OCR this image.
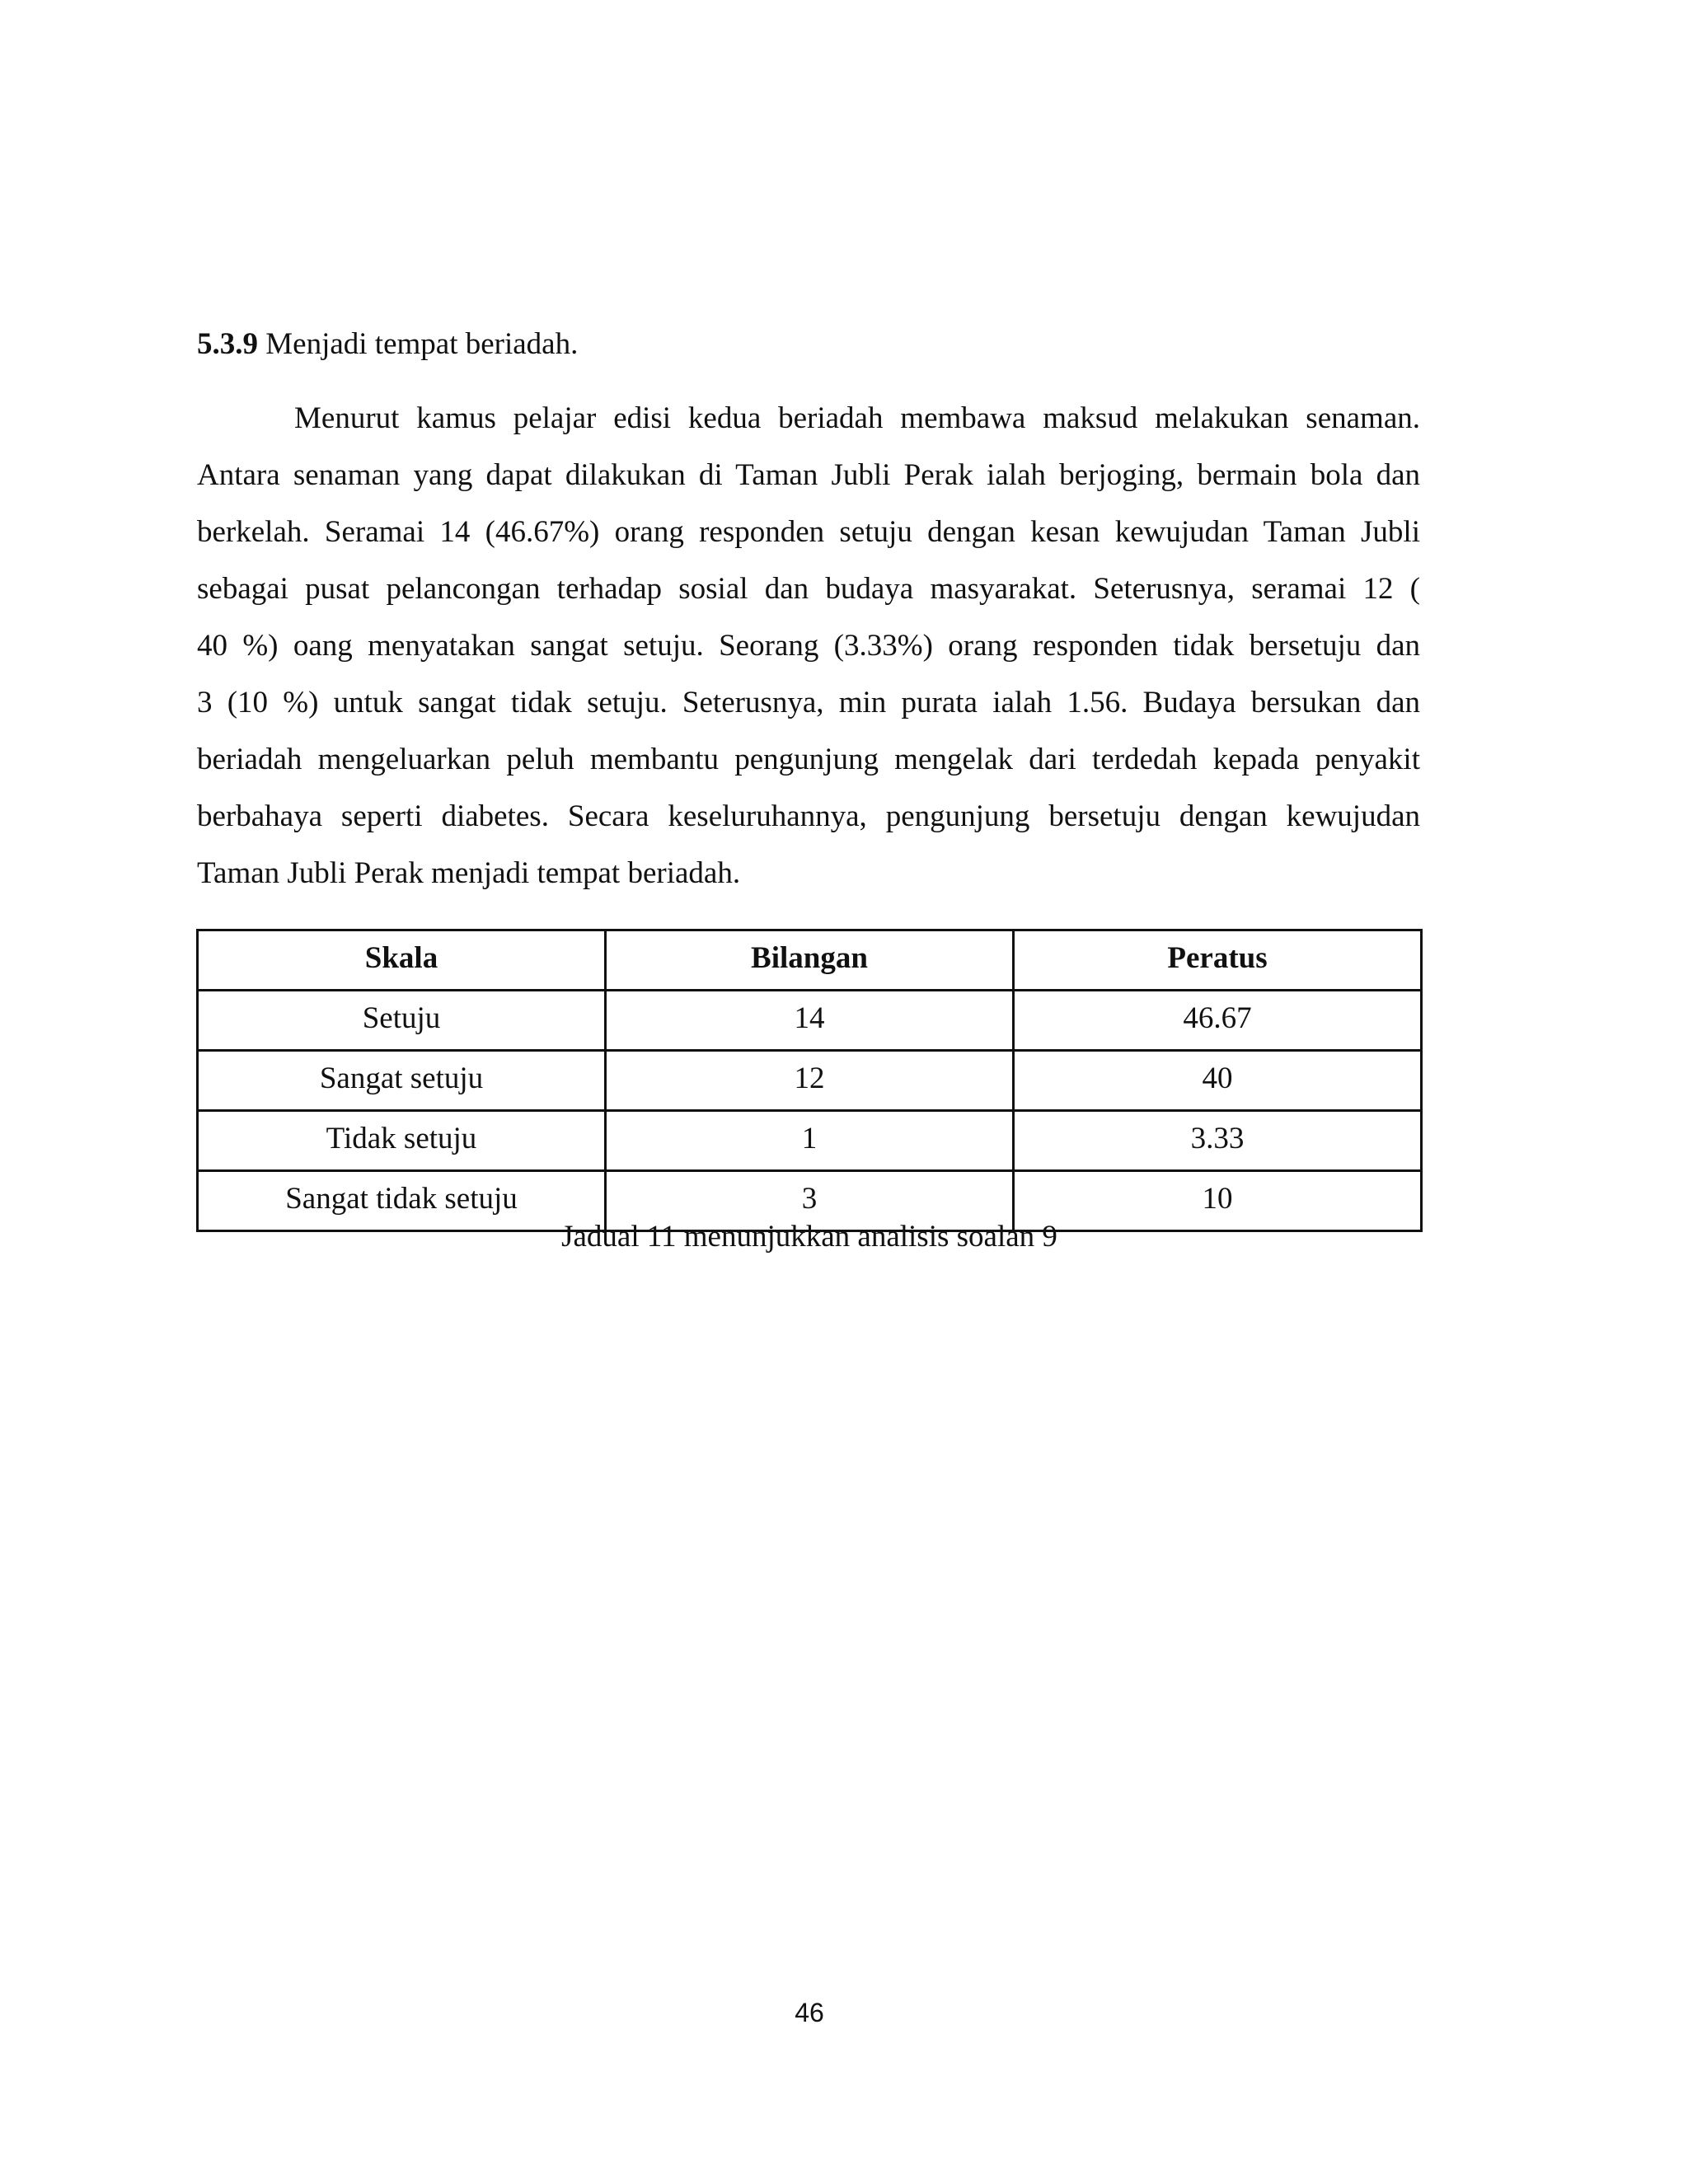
5.3.9 Menjadi tempat beriadah.
Menurut kamus pelajar edisi kedua beriadah membawa maksud melakukan senaman.
Antara senaman yang dapat dilakukan di Taman Jubli Perak ialah berjoging, bermain bola dan
berkelah. Seramai 14 (46.67%) orang responden setuju dengan kesan kewujudan Taman Jubli
sebagai pusat pelancongan terhadap sosial dan budaya masyarakat. Seterusnya, seramai 12 (
40 %) oang menyatakan sangat setuju. Seorang (3.33%) orang responden tidak bersetuju dan
3 (10 %) untuk sangat tidak setuju. Seterusnya, min purata ialah 1.56. Budaya bersukan dan
beriadah mengeluarkan peluh membantu pengunjung mengelak dari terdedah kepada penyakit
berbahaya seperti diabetes. Secara keseluruhannya, pengunjung bersetuju dengan kewujudan
Taman Jubli Perak menjadi tempat beriadah.
Skala	Bilangan	Peratus
Setuju	14	46.67
Sangat setuju	12	40
Tidak setuju	1	3.33
Sangat tidak setuju	3	10
Jadual 11 menunjukkan analisis soalan 9
46
